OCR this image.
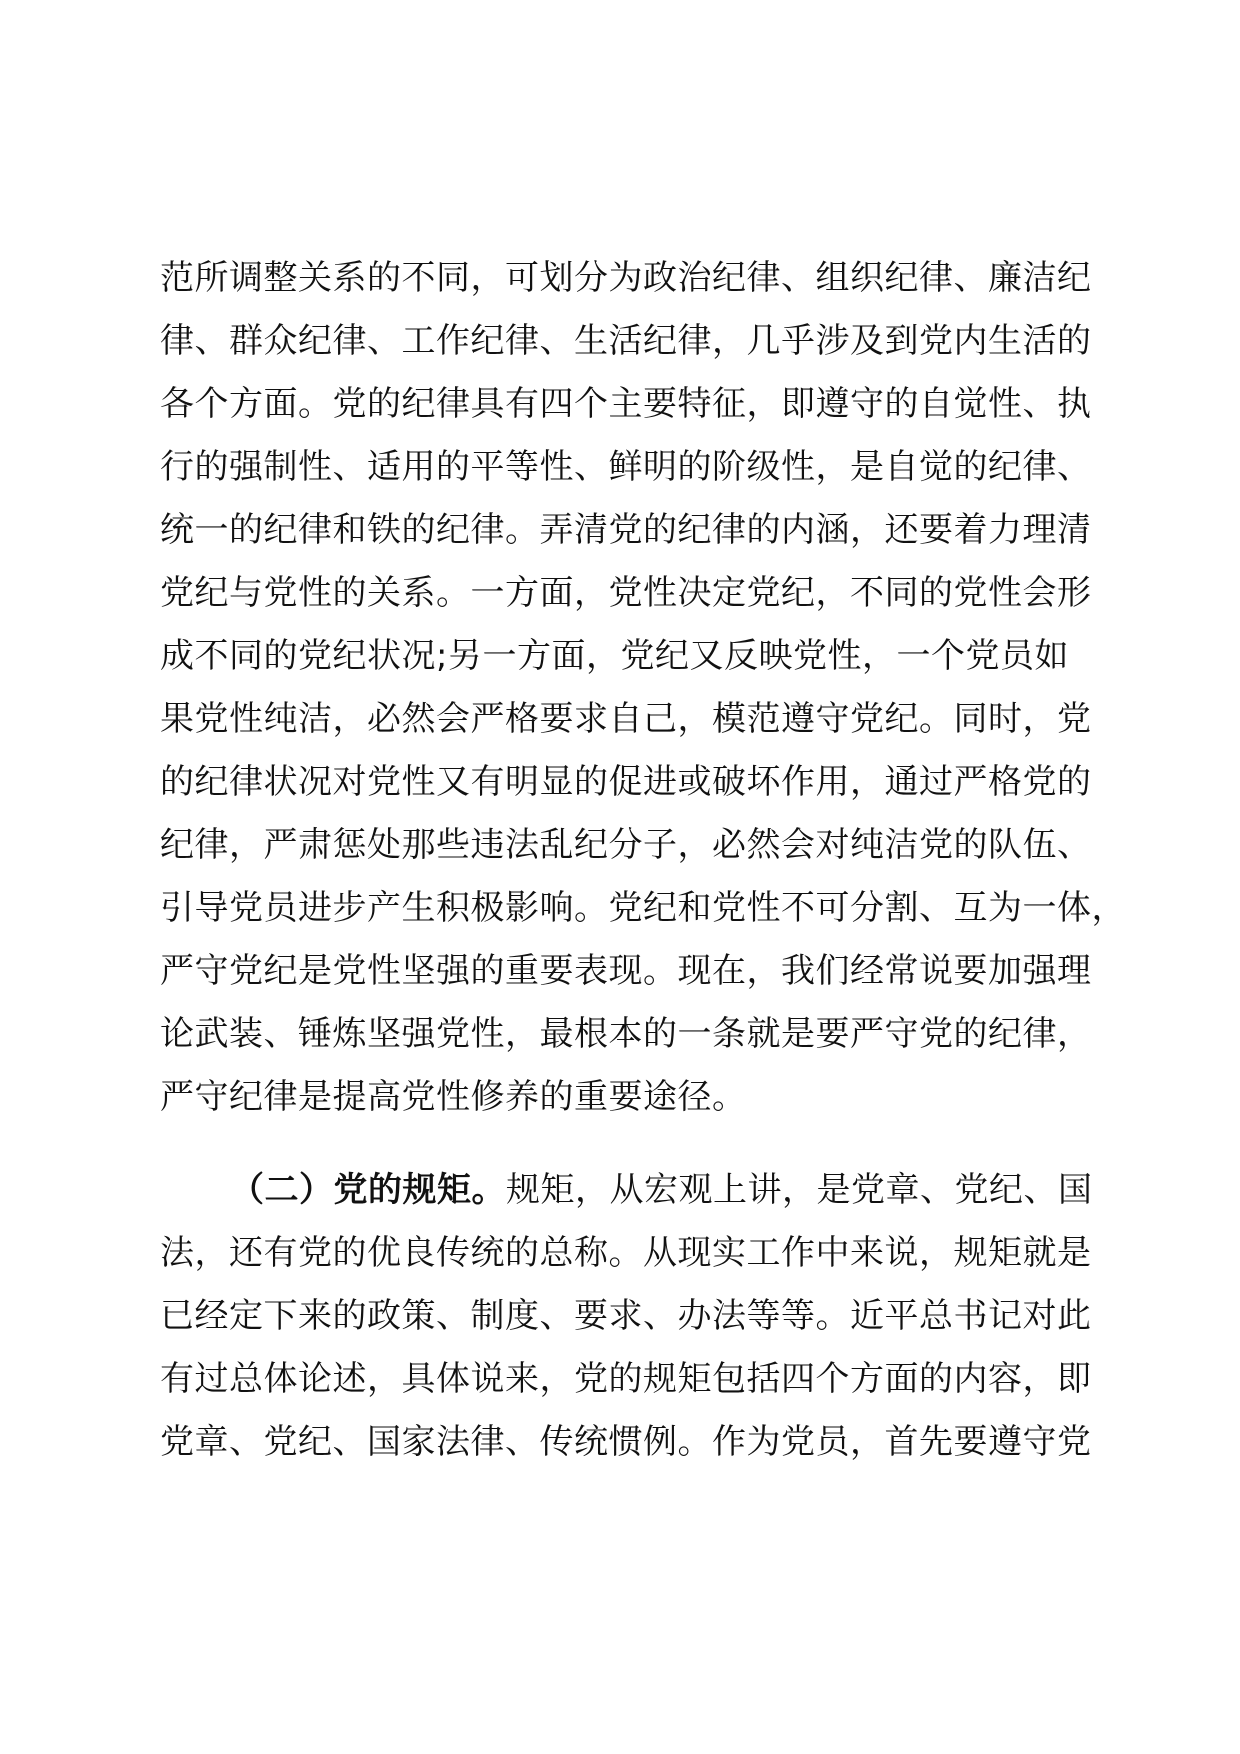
范所调整关系的不同，可划分为政治纪律、组织纪律、廉洁纪
律、群众纪律、工作纪律、生活纪律，几乎涉及到党内生活的
各个方面。党的纪律具有四个主要特征，即遵守的自觉性、执
行的强制性、适用的平等性、鲜明的阶级性，是自觉的纪律、
统一的纪律和铁的纪律。弄清党的纪律的内涵，还要着力理清
党纪与党性的关系。一方面，党性决定党纪，不同的党性会形
成不同的党纪状况;另一方面，党纪又反映党性，一个党员如
果党性纯洁，必然会严格要求自己，模范遵守党纪。同时，党
的纪律状况对党性又有明显的促进或破坏作用，通过严格党的
纪律，严肃惩处那些违法乱纪分子，必然会对纯洁党的队伍、
引导党员进步产生积极影响。党纪和党性不可分割、互为一体，
严守党纪是党性坚强的重要表现。现在，我们经常说要加强理
论武装、锤炼坚强党性，最根本的一条就是要严守党的纪律，
严守纪律是提高党性修养的重要途径。
（二）党的规矩。规矩，从宏观上讲，是党章、党纪、国
法，还有党的优良传统的总称。从现实工作中来说，规矩就是
已经定下来的政策、制度、要求、办法等等。近平总书记对此
有过总体论述，具体说来，党的规矩包括四个方面的内容，即
党章、党纪、国家法律、传统惯例。作为党员，首先要遵守党
